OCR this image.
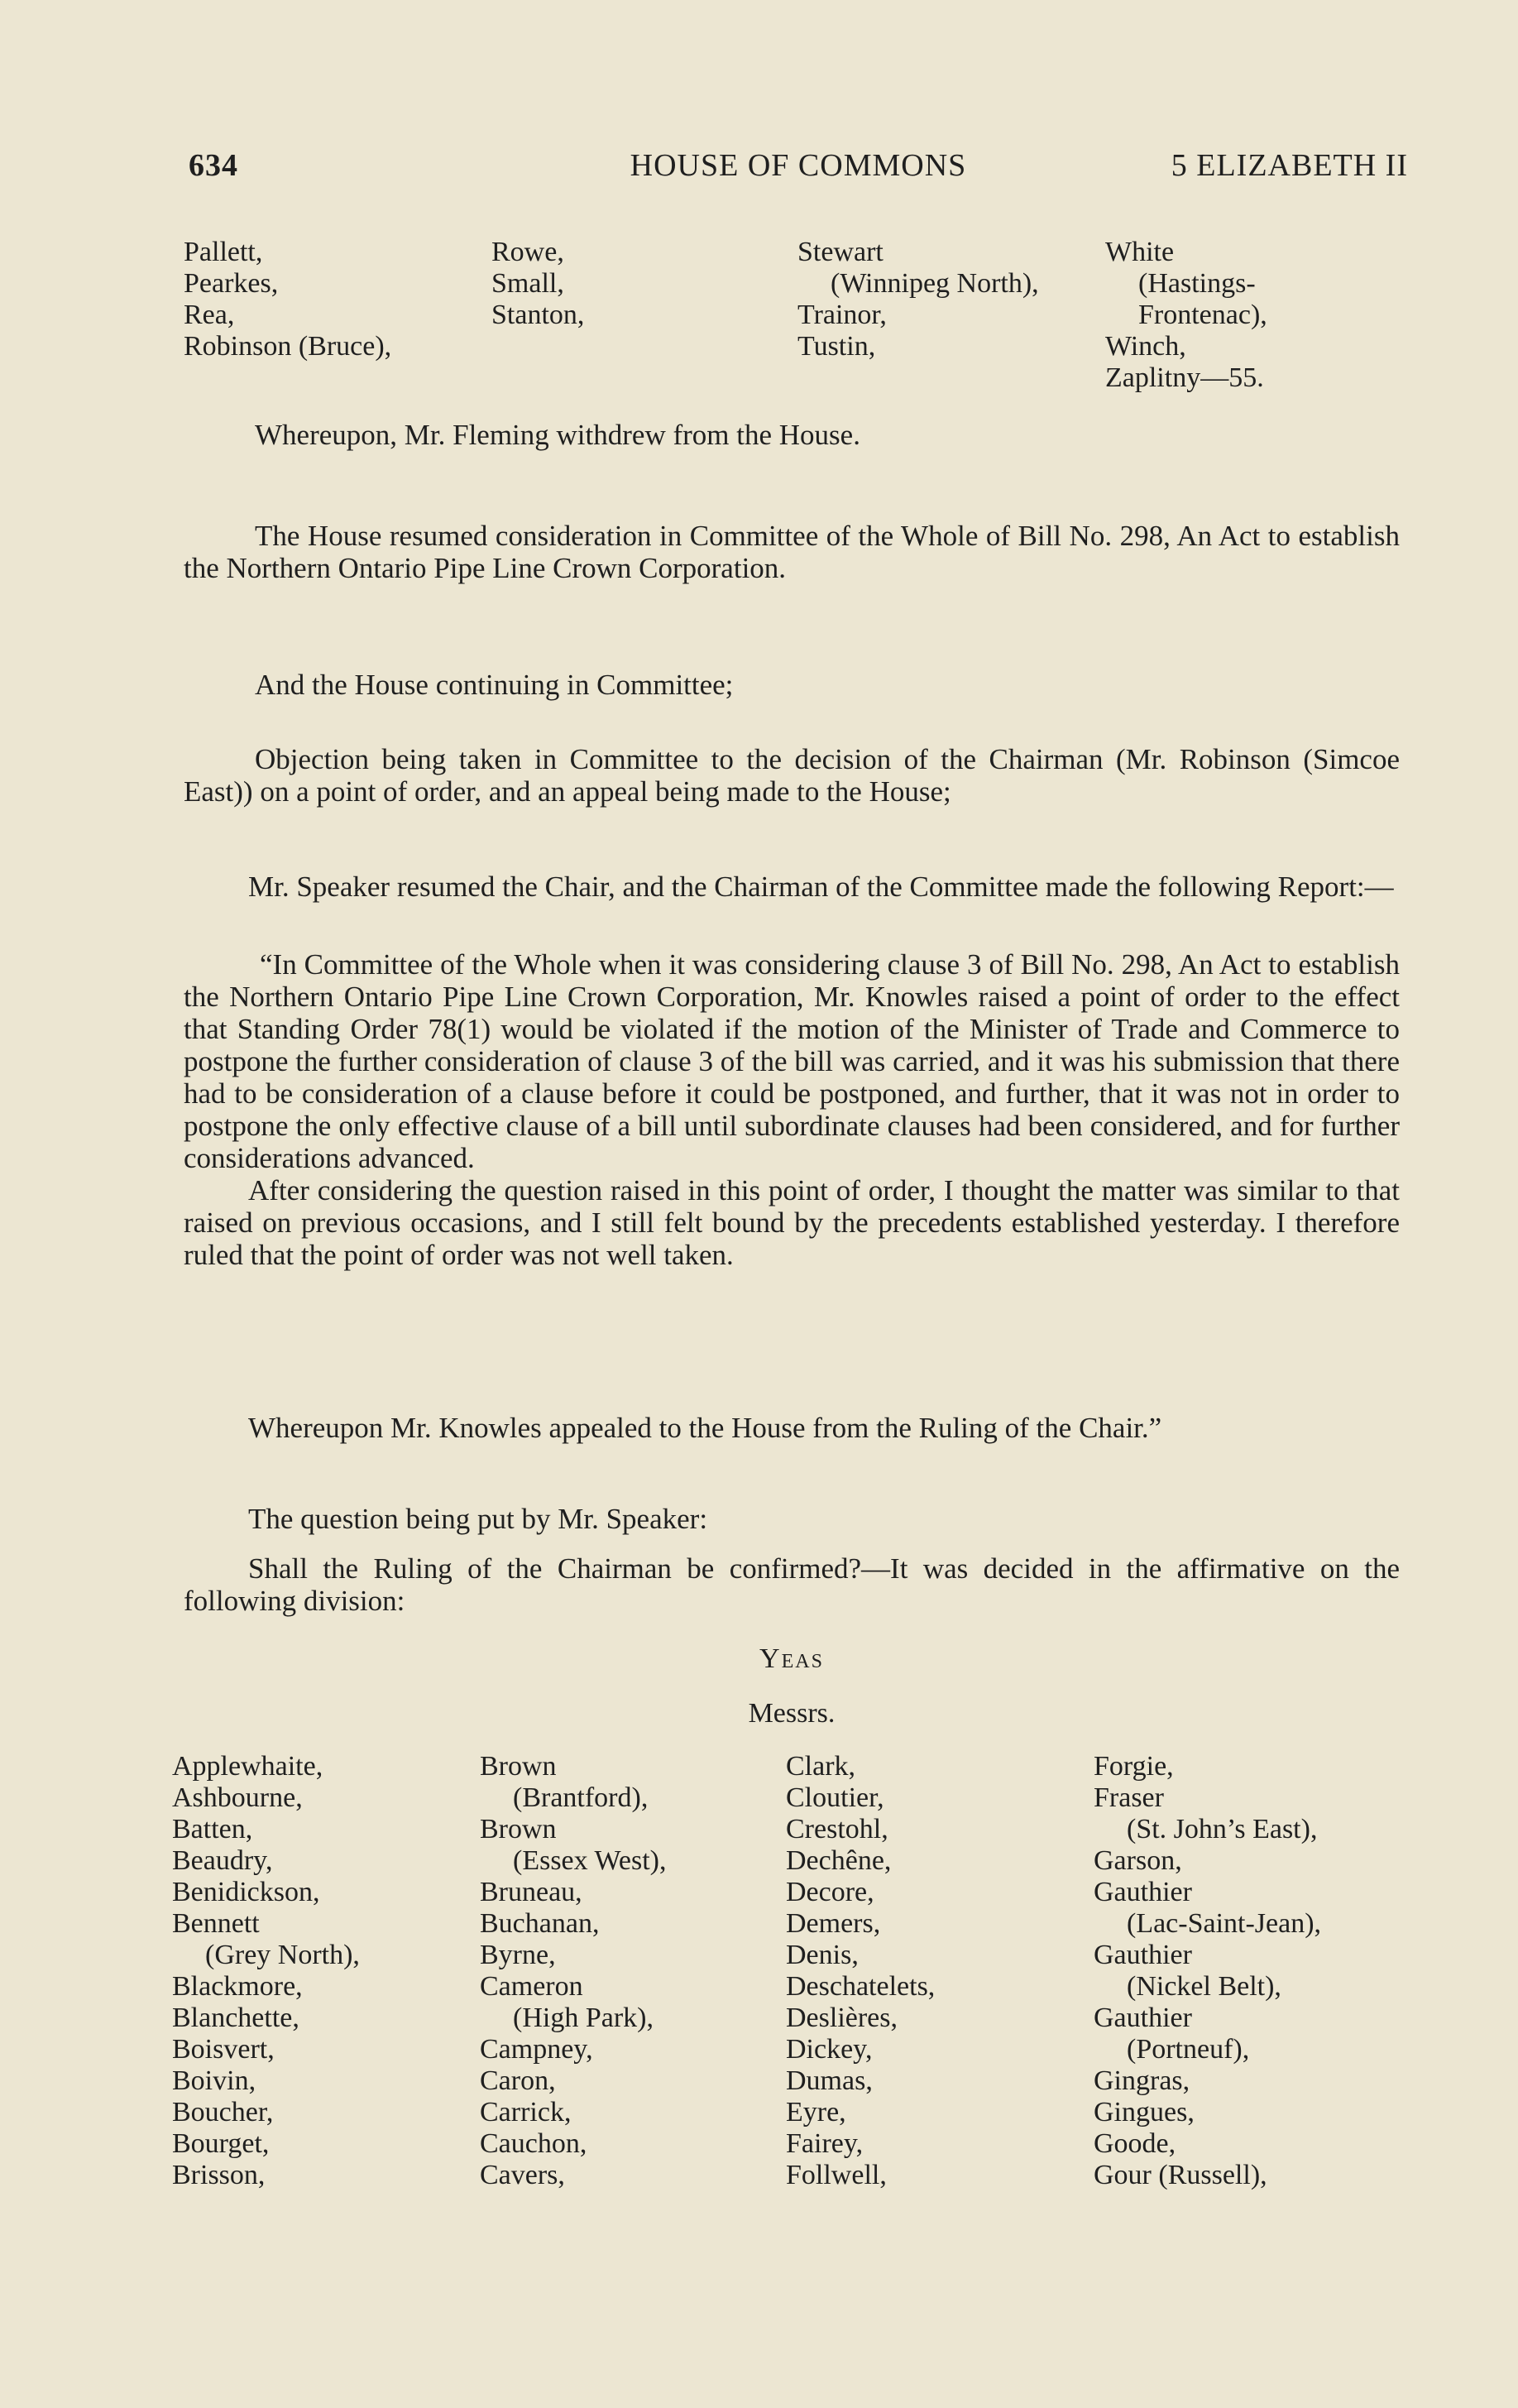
634	HOUSE OF COMMONS	5 ELIZABETH II
Pallett,
Pearkes,
Rea,
Robinson (Bruce),
Rowe,
Small,
Stanton,
Stewart
(Winnipeg North),
Trainor,
Tustin,
White
(Hastings-
Frontenac),
Winch,
Zaplitny—55.

Whereupon, Mr. Fleming withdrew from the House.

The House resumed consideration in Committee of the Whole of Bill No. 298, An Act to establish the Northern Ontario Pipe Line Crown Corporation.

And the House continuing in Committee;

Objection being taken in Committee to the decision of the Chairman (Mr. Robinson (Simcoe East)) on a point of order, and an appeal being made to the House;

Mr. Speaker resumed the Chair, and the Chairman of the Committee made the following Report:—

“In Committee of the Whole when it was considering clause 3 of Bill No. 298, An Act to establish the Northern Ontario Pipe Line Crown Corporation, Mr. Knowles raised a point of order to the effect that Standing Order 78(1) would be violated if the motion of the Minister of Trade and Commerce to postpone the further consideration of clause 3 of the bill was carried, and it was his submission that there had to be consideration of a clause before it could be postponed, and further, that it was not in order to postpone the only effective clause of a bill until subordinate clauses had been considered, and for further considerations advanced.

After considering the question raised in this point of order, I thought the matter was similar to that raised on previous occasions, and I still felt bound by the precedents established yesterday. I therefore ruled that the point of order was not well taken.

Whereupon Mr. Knowles appealed to the House from the Ruling of the Chair.”

The question being put by Mr. Speaker:

Shall the Ruling of the Chairman be confirmed?—It was decided in the affirmative on the following division:

Yeas
Messrs.
Applewhaite,
Ashbourne,
Batten,
Beaudry,
Benidickson,
Bennett
(Grey North),
Blackmore,
Blanchette,
Boisvert,
Boivin,
Boucher,
Bourget,
Brisson,
Brown
(Brantford),
Brown
(Essex West),
Bruneau,
Buchanan,
Byrne,
Cameron
(High Park),
Campney,
Caron,
Carrick,
Cauchon,
Cavers,
Clark,
Cloutier,
Crestohl,
Dechêne,
Decore,
Demers,
Denis,
Deschatelets,
Deslières,
Dickey,
Dumas,
Eyre,
Fairey,
Follwell,
Forgie,
Fraser
(St. John’s East),
Garson,
Gauthier
(Lac-Saint-Jean),
Gauthier
(Nickel Belt),
Gauthier
(Portneuf),
Gingras,
Gingues,
Goode,
Gour (Russell),
